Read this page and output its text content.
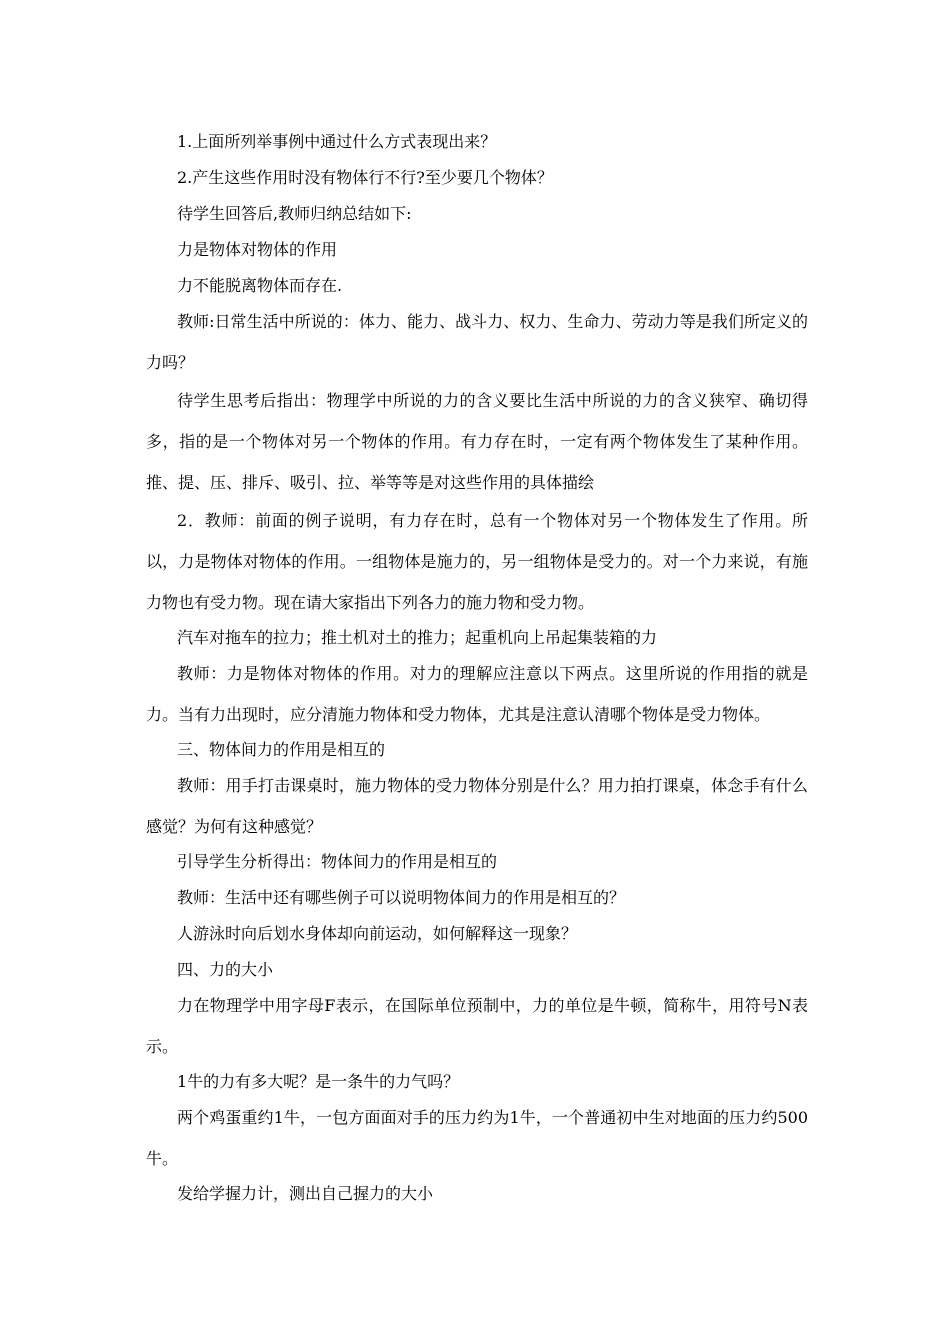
1.上面所列举事例中通过什么方式表现出来？

2.产生这些作用时没有物体行不行?至少要几个物体？

待学生回答后,教师归纳总结如下:

力是物体对物体的作用

力不能脱离物体而存在.

教师:日常生活中所说的：体力、能力、战斗力、权力、生命力、劳动力等是我们所定义的力吗？

待学生思考后指出：物理学中所说的力的含义要比生活中所说的力的含义狭窄、确切得多，指的是一个物体对另一个物体的作用。有力存在时，一定有两个物体发生了某种作用。推、提、压、排斥、吸引、拉、举等等是对这些作用的具体描绘

2．教师：前面的例子说明，有力存在时，总有一个物体对另一个物体发生了作用。所以，力是物体对物体的作用。一组物体是施力的，另一组物体是受力的。对一个力来说，有施力物也有受力物。现在请大家指出下列各力的施力物和受力物。

汽车对拖车的拉力；推土机对土的推力；起重机向上吊起集装箱的力

教师：力是物体对物体的作用。对力的理解应注意以下两点。这里所说的作用指的就是力。当有力出现时，应分清施力物体和受力物体，尤其是注意认清哪个物体是受力物体。

三、物体间力的作用是相互的

教师：用手打击课桌时，施力物体的受力物体分别是什么？用力拍打课桌，体念手有什么感觉？为何有这种感觉？

引导学生分析得出：物体间力的作用是相互的

教师：生活中还有哪些例子可以说明物体间力的作用是相互的？

人游泳时向后划水身体却向前运动，如何解释这一现象？

四、力的大小

力在物理学中用字母F表示，在国际单位预制中，力的单位是牛顿，简称牛，用符号N表示。

1牛的力有多大呢？是一条牛的力气吗？

两个鸡蛋重约1牛，一包方面面对手的压力约为1牛，一个普通初中生对地面的压力约500牛。

发给学握力计，测出自己握力的大小
